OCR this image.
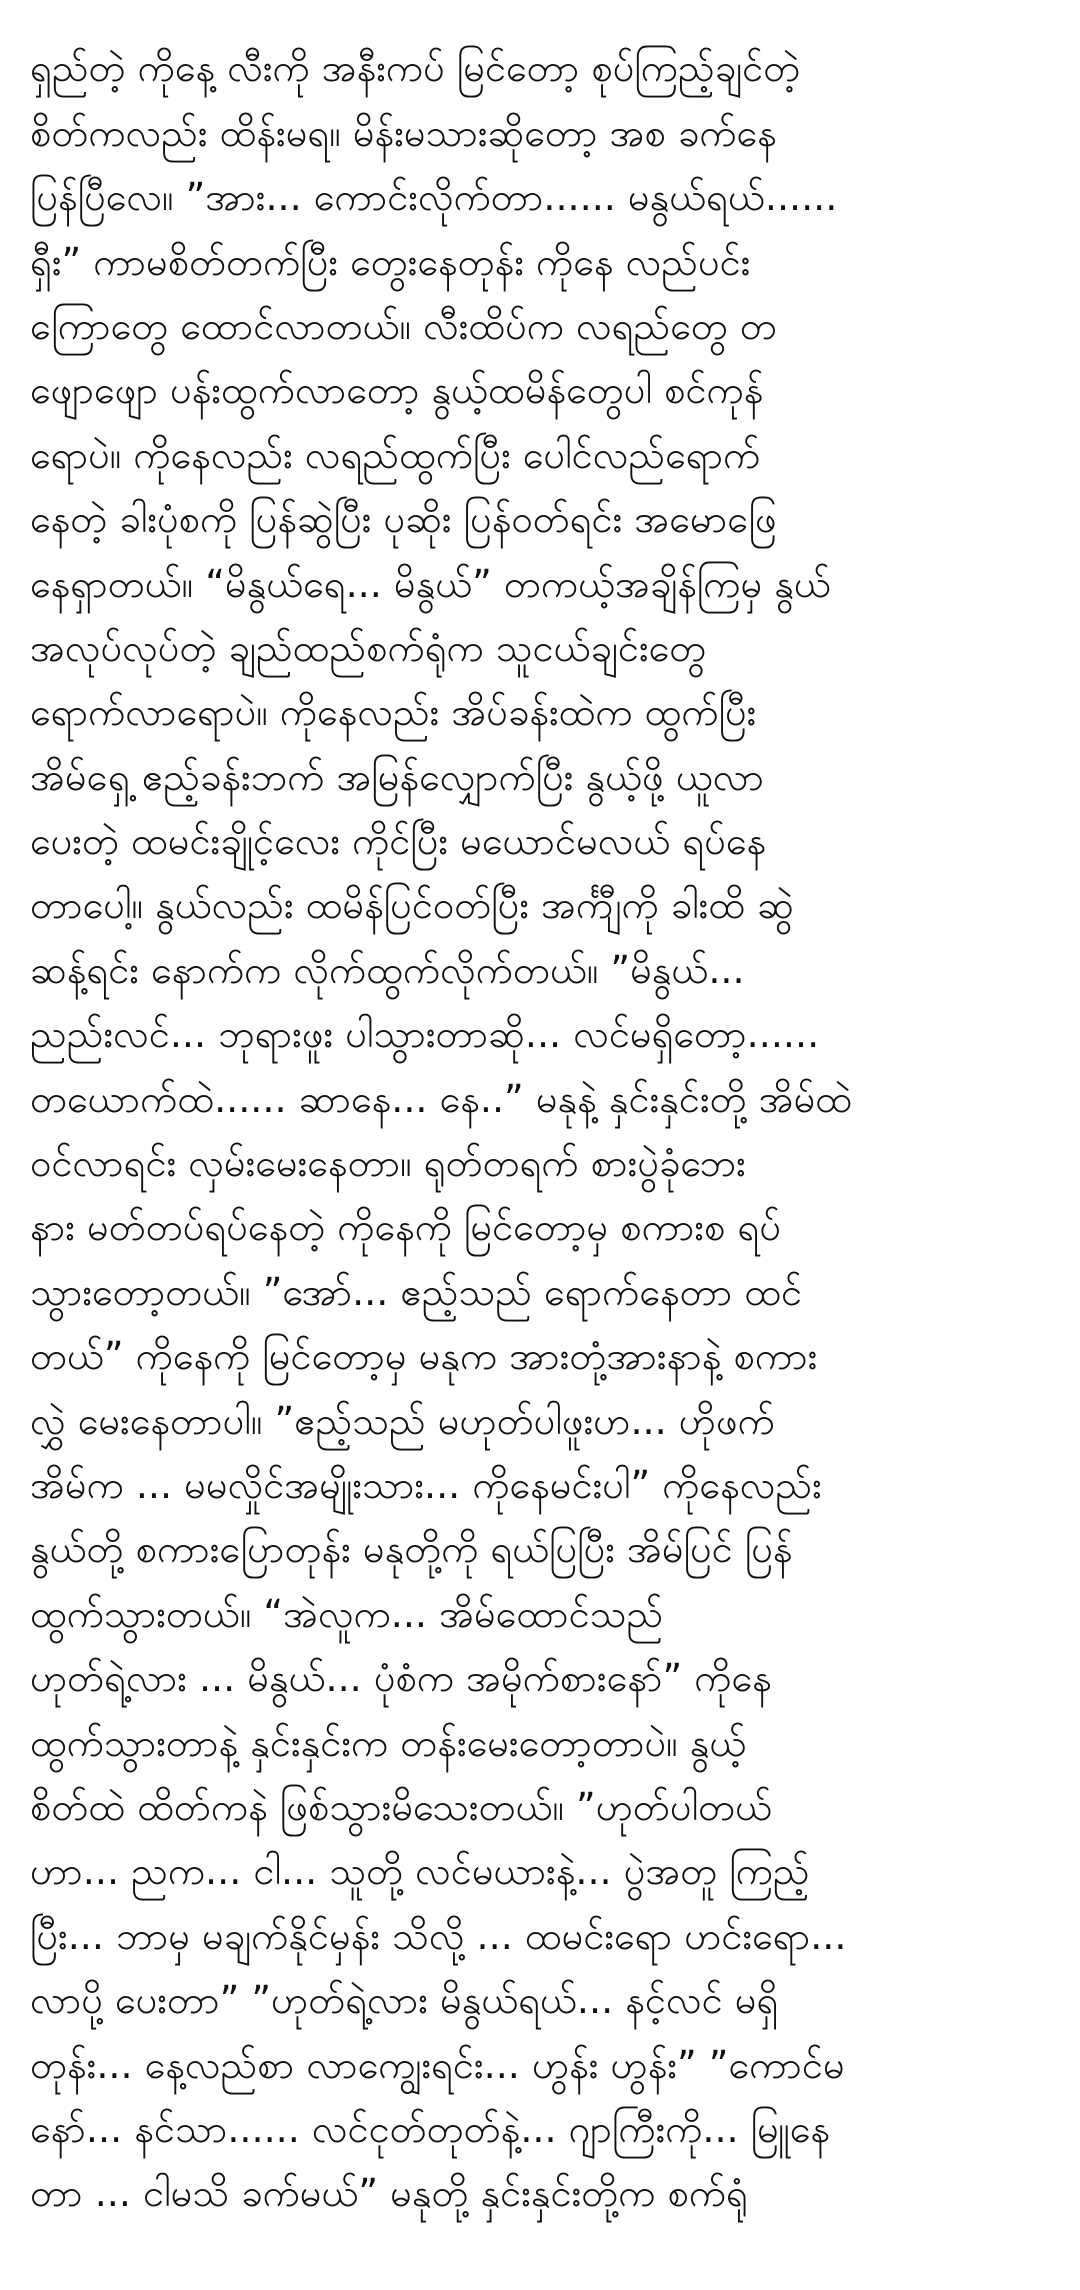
ရှည်တဲ့ ကိုနေ့ လီးကို အနီးကပ် မြင်တော့ စုပ်ကြည့်ချင်တဲ့
စိတ်ကလည်း ထိန်းမရ။ မိန်းမသားဆိုတော့ အစ ခက်နေ
ပြန်ပြီလေ။ ”အား... ကောင်းလိုက်တာ...... မနွယ်ရယ်......
ရှီး” ကာမစိတ်တက်ပြီး တွေးနေတုန်း ကိုနေ လည်ပင်း
ကြောတွေ ထောင်လာတယ်။ လီးထိပ်က လရည်တွေ တ
ဖျောဖျော ပန်းထွက်လာတော့ နွယ့်ထမိန်တွေပါ စင်ကုန်
ရောပဲ။ ကိုနေလည်း လရည်ထွက်ပြီး ပေါင်လည်ရောက်
နေတဲ့ ခါးပုံစကို ပြန်ဆွဲပြီး ပုဆိုး ပြန်ဝတ်ရင်း အမောဖြေ
နေရှာတယ်။ “မိနွယ်ရေ... မိနွယ်” တကယ့်အချိန်ကြမှ နွယ်
အလုပ်လုပ်တဲ့ ချည်ထည်စက်ရုံက သူငယ်ချင်းတွေ
ရောက်လာရောပဲ။ ကိုနေလည်း အိပ်ခန်းထဲက ထွက်ပြီး
အိမ်ရှေ့ ဧည့်ခန်းဘက် အမြန်လျှောက်ပြီး နွယ့်ဖို့ ယူလာ
ပေးတဲ့ ထမင်းချိုင့်လေး ကိုင်ပြီး မယောင်မလယ် ရပ်နေ
တာပေါ့။ နွယ်လည်း ထမိန်ပြင်ဝတ်ပြီး အင်္ကျီကို ခါးထိ ဆွဲ
ဆန့်ရင်း နောက်က လိုက်ထွက်လိုက်တယ်။ ”မိနွယ်...
ညည်းလင်... ဘုရားဖူး ပါသွားတာဆို... လင်မရှိတော့......
တယောက်ထဲ...... ဆာနေ... နေ..” မနုနဲ့ နှင်းနှင်းတို့ အိမ်ထဲ
ဝင်လာရင်း လှမ်းမေးနေတာ။ ရုတ်တရက် စားပွဲခုံဘေး
နား မတ်တပ်ရပ်နေတဲ့ ကိုနေကို မြင်တော့မှ စကားစ ရပ်
သွားတော့တယ်။ ”အော်... ဧည့်သည် ရောက်နေတာ ထင်
တယ်” ကိုနေကို မြင်တော့မှ မနုက အားတုံ့အားနာနဲ့ စကား
လွှဲ မေးနေတာပါ။ ”ဧည့်သည် မဟုတ်ပါဖူးဟ... ဟိုဖက်
အိမ်က ... မမလှိုင်အမျိုးသား... ကိုနေမင်းပါ” ကိုနေလည်း
နွယ်တို့ စကားပြောတုန်း မနုတို့ကို ရယ်ပြပြီး အိမ်ပြင် ပြန်
ထွက်သွားတယ်။ “အဲလူက... အိမ်ထောင်သည်
ဟုတ်ရဲ့လား ... မိနွယ်... ပုံစံက အမိုက်စားနော်” ကိုနေ
ထွက်သွားတာနဲ့ နှင်းနှင်းက တန်းမေးတော့တာပဲ။ နွယ့်
စိတ်ထဲ ထိတ်ကနဲ ဖြစ်သွားမိသေးတယ်။ ”ဟုတ်ပါတယ်
ဟာ... ညက... ငါ... သူတို့ လင်မယားနဲ့... ပွဲအတူ ကြည့်
ပြီး... ဘာမှ မချက်နိုင်မှန်း သိလို့ ... ထမင်းရော ဟင်းရော...
လာပို့ ပေးတာ” ”ဟုတ်ရဲ့လား မိနွယ်ရယ်... နင့်လင် မရှိ
တုန်း... နေ့လည်စာ လာကျွေးရင်း... ဟွန်း ဟွန်း” ”ကောင်မ
နော်... နင်သာ...... လင်ငုတ်တုတ်နဲ့... ဂျာကြီးကို... မြူနေ
တာ ... ငါမသိ ခက်မယ်” မနုတို့ နှင်းနှင်းတို့က စက်ရုံ
